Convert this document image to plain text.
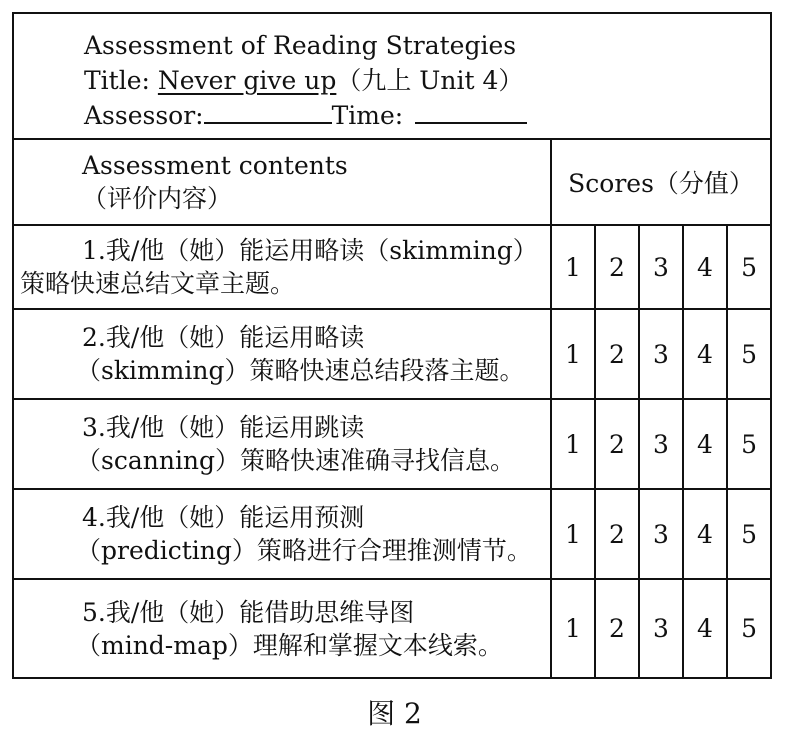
Assessment of Reading Strategies
Title: Never give up（九上 Unit 4）
Assessor: Time:					

Assessment contents
（评价内容）	Scores（分值）				

1.我/他（她）能运用略读（skimming）
策略快速总结文章主题。	1	2	3	4	5

2.我/他（她）能运用略读
（skimming）策略快速总结段落主题。	1	2	3	4	5

3.我/他（她）能运用跳读
（scanning）策略快速准确寻找信息。	1	2	3	4	5

4.我/他（她）能运用预测
（predicting）策略进行合理推测情节。	1	2	3	4	5

5.我/他（她）能借助思维导图
（mind-map）理解和掌握文本线索。	1	2	3	4	5
图 2
